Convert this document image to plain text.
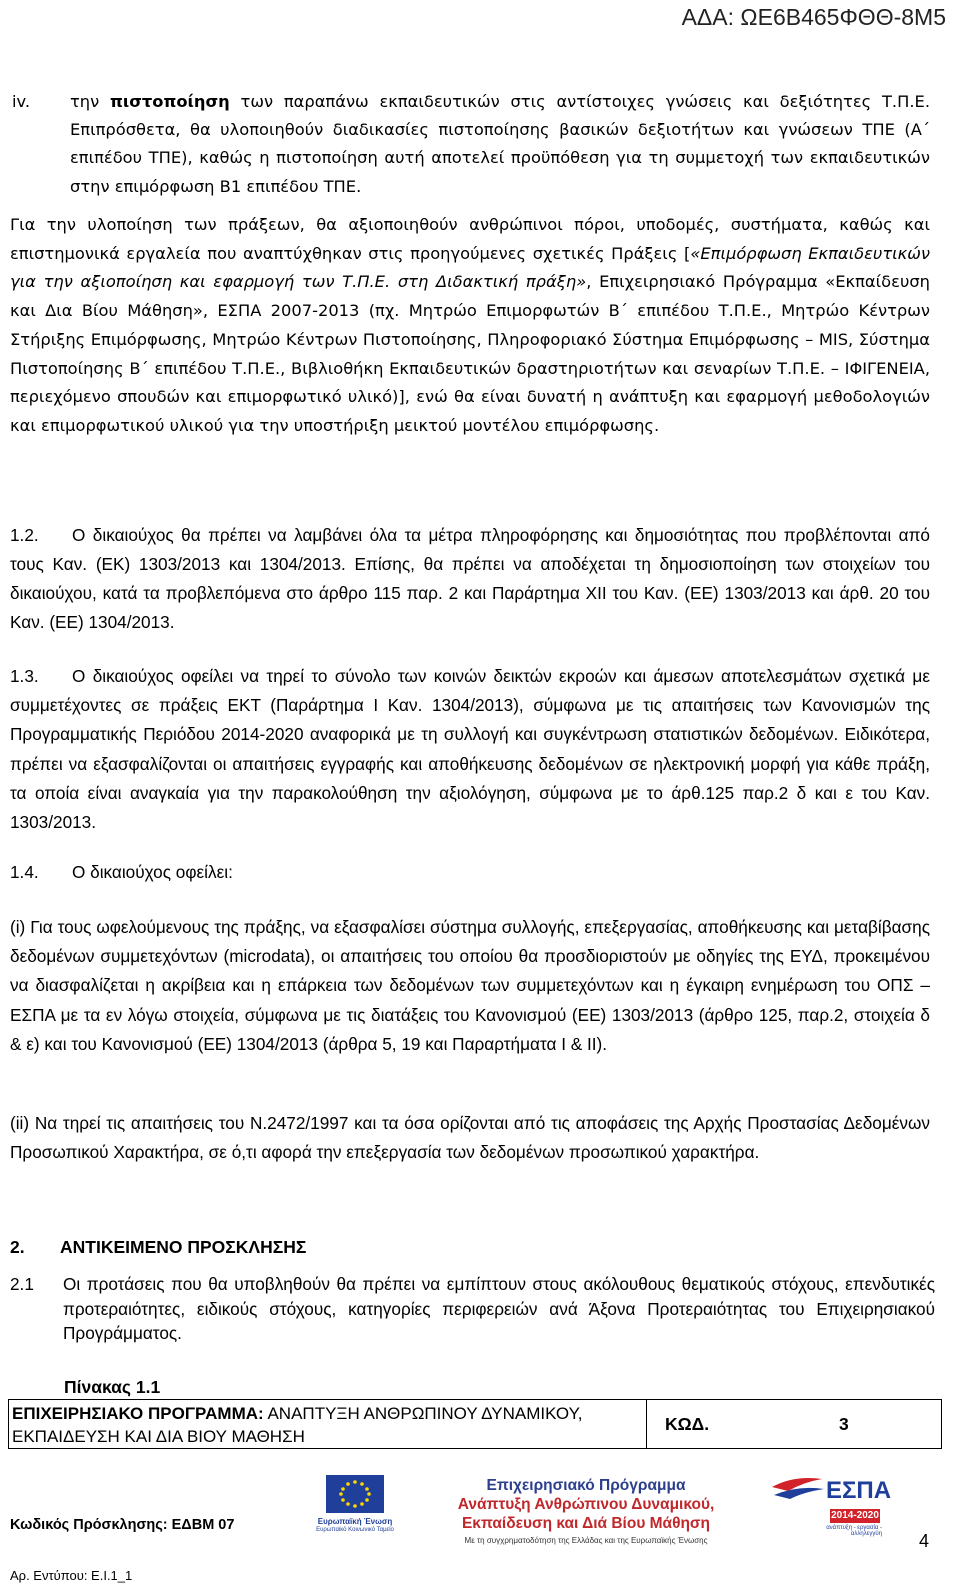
ΑΔΑ: ΩΕ6Β465ΦΘΘ-8Μ5
iv. την πιστοποίηση των παραπάνω εκπαιδευτικών στις αντίστοιχες γνώσεις και δεξιότητες Τ.Π.Ε. Επιπρόσθετα, θα υλοποιηθούν διαδικασίες πιστοποίησης βασικών δεξιοτήτων και γνώσεων ΤΠΕ (Α΄ επιπέδου ΤΠΕ), καθώς η πιστοποίηση αυτή αποτελεί προϋπόθεση για τη συμμετοχή των εκπαιδευτικών στην επιμόρφωση Β1 επιπέδου ΤΠΕ.
Για την υλοποίηση των πράξεων, θα αξιοποιηθούν ανθρώπινοι πόροι, υποδομές, συστήματα, καθώς και επιστημονικά εργαλεία που αναπτύχθηκαν στις προηγούμενες σχετικές Πράξεις [«Επιμόρφωση Εκπαιδευτικών για την αξιοποίηση και εφαρμογή των Τ.Π.Ε. στη Διδακτική πράξη», Επιχειρησιακό Πρόγραμμα «Εκπαίδευση και Δια Βίου Μάθηση», ΕΣΠΑ 2007-2013 (πχ. Μητρώο Επιμορφωτών Β΄ επιπέδου Τ.Π.Ε., Μητρώο Κέντρων Στήριξης Επιμόρφωσης, Μητρώο Κέντρων Πιστοποίησης, Πληροφοριακό Σύστημα Επιμόρφωσης – MIS, Σύστημα Πιστοποίησης Β΄ επιπέδου Τ.Π.Ε., Βιβλιοθήκη Εκπαιδευτικών δραστηριοτήτων και σεναρίων Τ.Π.Ε. – ΙΦΙΓΕΝΕΙΑ, περιεχόμενο σπουδών και επιμορφωτικό υλικό)], ενώ θα είναι δυνατή η ανάπτυξη και εφαρμογή μεθοδολογιών και επιμορφωτικού υλικού για την υποστήριξη μεικτού μοντέλου επιμόρφωσης.
1.2. Ο δικαιούχος θα πρέπει να λαμβάνει όλα τα μέτρα πληροφόρησης και δημοσιότητας που προβλέπονται από τους Καν. (ΕΚ) 1303/2013 και 1304/2013. Επίσης, θα πρέπει να αποδέχεται τη δημοσιοποίηση των στοιχείων του δικαιούχου, κατά τα προβλεπόμενα στο άρθρο 115 παρ. 2 και Παράρτημα XII του Καν. (ΕΕ) 1303/2013 και άρθ. 20 του Καν. (ΕΕ) 1304/2013.
1.3. Ο δικαιούχος οφείλει να τηρεί το σύνολο των κοινών δεικτών εκροών και άμεσων αποτελεσμάτων σχετικά με συμμετέχοντες σε πράξεις ΕΚΤ (Παράρτημα Ι Καν. 1304/2013), σύμφωνα με τις απαιτήσεις των Κανονισμών της Προγραμματικής Περιόδου 2014-2020 αναφορικά με τη συλλογή και συγκέντρωση στατιστικών δεδομένων. Ειδικότερα, πρέπει να εξασφαλίζονται οι απαιτήσεις εγγραφής και αποθήκευσης δεδομένων σε ηλεκτρονική μορφή για κάθε πράξη, τα οποία είναι αναγκαία για την παρακολούθηση την αξιολόγηση, σύμφωνα με το άρθ.125 παρ.2 δ και ε του Καν. 1303/2013.
1.4. Ο δικαιούχος οφείλει:
(i) Για τους ωφελούμενους της πράξης, να εξασφαλίσει σύστημα συλλογής, επεξεργασίας, αποθήκευσης και μεταβίβασης δεδομένων συμμετεχόντων (microdata), οι απαιτήσεις του οποίου θα προσδιοριστούν με οδηγίες της ΕΥΔ, προκειμένου να διασφαλίζεται η ακρίβεια και η επάρκεια των δεδομένων των συμμετεχόντων και η έγκαιρη ενημέρωση του ΟΠΣ – ΕΣΠΑ με τα εν λόγω στοιχεία, σύμφωνα με τις διατάξεις του Κανονισμού (ΕΕ) 1303/2013 (άρθρο 125, παρ.2, στοιχεία δ & ε) και του Κανονισμού (ΕΕ) 1304/2013 (άρθρα 5, 19 και Παραρτήματα Ι & ΙΙ).
(ii) Να τηρεί τις απαιτήσεις του Ν.2472/1997 και τα όσα ορίζονται από τις αποφάσεις της Αρχής Προστασίας Δεδομένων Προσωπικού Χαρακτήρα, σε ό,τι αφορά την επεξεργασία των δεδομένων προσωπικού χαρακτήρα.
2. ΑΝΤΙΚΕΙΜΕΝΟ ΠΡΟΣΚΛΗΣΗΣ
2.1 Οι προτάσεις που θα υποβληθούν θα πρέπει να εμπίπτουν στους ακόλουθους θεματικούς στόχους, επενδυτικές προτεραιότητες, ειδικούς στόχους, κατηγορίες περιφερειών ανά Άξονα Προτεραιότητας του Επιχειρησιακού Προγράμματος.
Πίνακας 1.1
ΕΠΙΧΕΙΡΗΣΙΑΚΟ ΠΡΟΓΡΑΜΜΑ: ΑΝΑΠΤΥΞΗ ΑΝΘΡΩΠΙΝΟΥ ΔΥΝΑΜΙΚΟΥ, ΕΚΠΑΙΔΕΥΣΗ ΚΑΙ ΔΙΑ ΒΙΟΥ ΜΑΘΗΣΗ
ΚΩΔ.	3
Ευρωπαϊκή Ένωση
Ευρωπαϊκό Κοινωνικό Ταμείο
Επιχειρησιακό Πρόγραμμα
Ανάπτυξη Ανθρώπινου Δυναμικού,
Εκπαίδευση και Διά Βίου Μάθηση
Με τη συγχρηματοδότηση της Ελλάδας και της Ευρωπαϊκής Ένωσης
ΕΣΠΑ
2014-2020
ανάπτυξη - εργασία - αλληλεγγύη
Κωδικός Πρόσκλησης: ΕΔΒΜ 07
Αρ. Εντύπου: Ε.Ι.1_1
4
